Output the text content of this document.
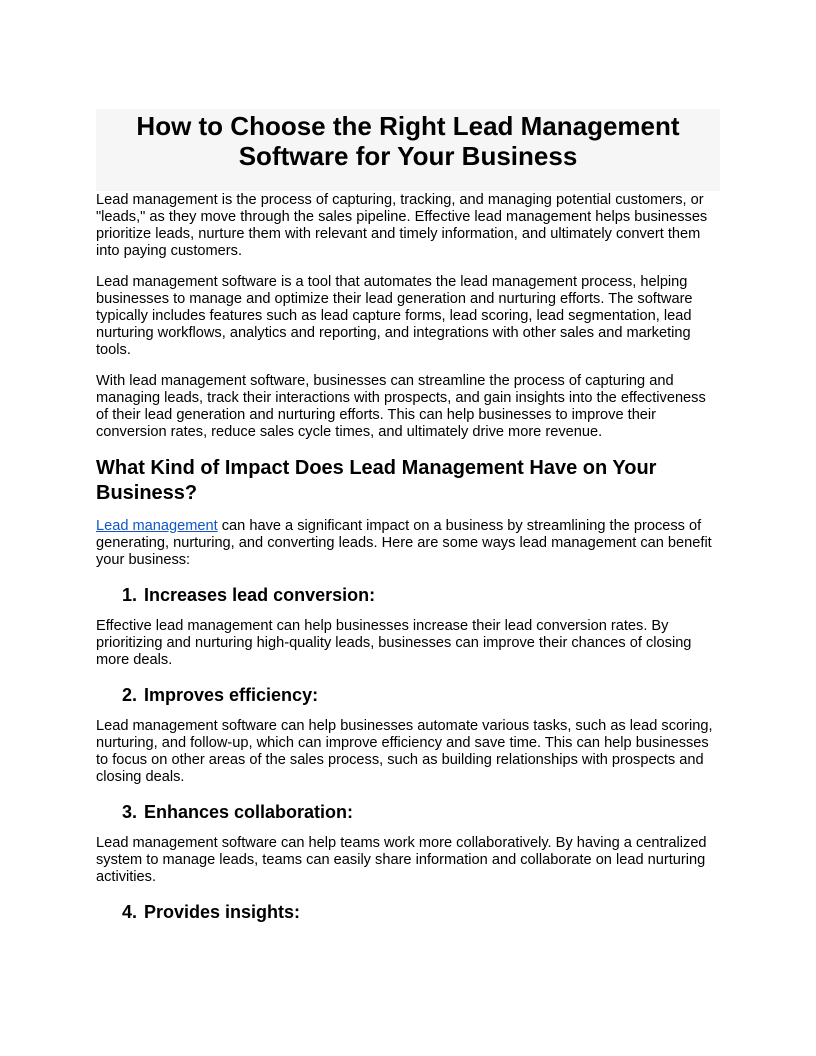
How to Choose the Right Lead Management Software for Your Business

Lead management is the process of capturing, tracking, and managing potential customers, or "leads," as they move through the sales pipeline. Effective lead management helps businesses prioritize leads, nurture them with relevant and timely information, and ultimately convert them into paying customers.

Lead management software is a tool that automates the lead management process, helping businesses to manage and optimize their lead generation and nurturing efforts. The software typically includes features such as lead capture forms, lead scoring, lead segmentation, lead nurturing workflows, analytics and reporting, and integrations with other sales and marketing tools.

With lead management software, businesses can streamline the process of capturing and managing leads, track their interactions with prospects, and gain insights into the effectiveness of their lead generation and nurturing efforts. This can help businesses to improve their conversion rates, reduce sales cycle times, and ultimately drive more revenue.

What Kind of Impact Does Lead Management Have on Your Business?

Lead management can have a significant impact on a business by streamlining the process of generating, nurturing, and converting leads. Here are some ways lead management can benefit your business:

1. Increases lead conversion:

Effective lead management can help businesses increase their lead conversion rates. By prioritizing and nurturing high-quality leads, businesses can improve their chances of closing more deals.

2. Improves efficiency:

Lead management software can help businesses automate various tasks, such as lead scoring, nurturing, and follow-up, which can improve efficiency and save time. This can help businesses to focus on other areas of the sales process, such as building relationships with prospects and closing deals.

3. Enhances collaboration:

Lead management software can help teams work more collaboratively. By having a centralized system to manage leads, teams can easily share information and collaborate on lead nurturing activities.

4. Provides insights:
